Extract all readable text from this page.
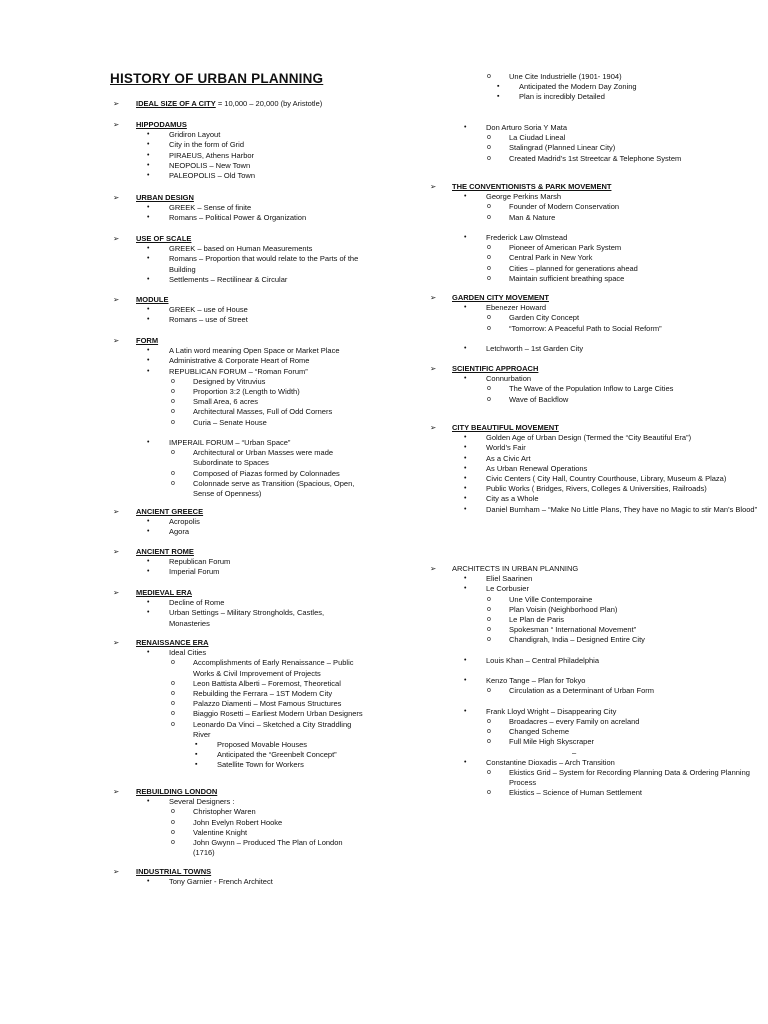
➢ IDEAL SIZE OF A CITY = 10,000 – 20,000 (by Aristotle)
➢ HIPPODAMUS
•	Gridiron Layout
•	City in the form of Grid
•	PIRAEUS, Athens Harbor
•	NEOPOLIS – New Town
•	PALEOPOLIS – Old Town
➢ URBAN DESIGN
•	GREEK – Sense of finite
•	Romans – Political Power & Organization
➢ USE OF SCALE
•	GREEK – based on Human Measurements
•	Romans – Proportion that would relate to the Parts of the Building
•	Settlements – Rectilinear & Circular
➢ MODULE
•	GREEK – use of House
•	Romans – use of Street
➢ FORM
•	A Latin word meaning Open Space or Market Place
•	Administrative & Corporate Heart of Rome
•	REPUBLICAN FORUM – “Roman Forum”
o Designed by Vitruvius
o Proportion 3:2 (Length to Width)
o Small Area, 6 acres
o Architectural Masses, Full of Odd Corners
o Curia – Senate House
•	IMPERAIL FORUM – “Urban Space”
o Architectural or Urban Masses were made Subordinate to Spaces
o Composed of Piazas formed by Colonnades
o Colonnade serve as Transition (Spacious, Open, Sense of Openness)
➢ ANCIENT GREECE
•	Acropolis
•	Agora
➢ ANCIENT ROME
•	Republican Forum
•	Imperial Forum
➢ MEDIEVAL ERA
•	Decline of Rome
•	Urban Settings – Military Strongholds, Castles, Monasteries
➢ RENAISSANCE ERA
•	Ideal Cities
o Accomplishments of Early Renaissance – Public Works & Civil Improvement of Projects
o Leon Battista Alberti – Foremost, Theoretical
o Rebuilding the Ferrara – 1ST Modern City
o Palazzo Diamenti – Most Famous Structures
o Biaggio Rosetti – Earliest Modern Urban Designers
o Leonardo Da Vinci – Sketched a City Straddling River
▪	Proposed Movable Houses
▪	Anticipated the “Greenbelt Concept”
▪	Satellite Town for Workers
➢ REBUILDING LONDON
•	Several Designers :
o Christopher Waren
o John Evelyn Robert Hooke
o Valentine Knight
o John Gwynn – Produced The Plan of London (1716)
➢ INDUSTRIAL TOWNS
•	Tony Garnier - French Architect
o Une Cite Industrielle (1901- 1904)
▪	Anticipated the Modern Day Zoning
▪	Plan is incredibly Detailed
•	Don Arturo Soria Y Mata
o La Ciudad Lineal
o Stalingrad (Planned Linear City)
o Created Madrid’s 1st Streetcar & Telephone System
➢ THE CONVENTIONISTS & PARK MOVEMENT
•	George Perkins Marsh
o Founder of Modern Conservation
o Man & Nature
•	Frederick Law Olmstead
o Pioneer of American Park System
o Central Park in New York
o Cities – planned for generations ahead
o Maintain sufficient breathing space
➢ GARDEN CITY MOVEMENT
•	Ebenezer Howard
o Garden City Concept
o “Tomorrow: A Peaceful Path to Social Reform”
•	Letchworth – 1st Garden City
➢ SCIENTIFIC APPROACH
•	Connurbation
o The Wave of the Population Inflow to Large Cities
o Wave of Backflow
➢ CITY BEAUTIFUL MOVEMENT
•	Golden Age of Urban Design (Termed the “City Beautiful Era”)
•	World’s Fair
•	As a Civic Art
•	As Urban Renewal Operations
•	Civic Centers ( City Hall, Country Courthouse, Library, Museum & Plaza)
•	Public Works ( Bridges, Rivers, Colleges & Universities, Railroads)
•	City as a Whole
•	Daniel Burnham – “Make No Little Plans, They have no Magic to stir Man’s Blood”
➢ ARCHITECTS IN URBAN PLANNING
•	Eliel Saarinen
•	Le Corbusier
o Une Ville Contemporaine
o Plan Voisin (Neighborhood Plan)
o Le Plan de Paris
o Spokesman “ International Movement”
o Chandigrah, India – Designed Entire City
•	Louis Khan – Central Philadelphia
•	Kenzo Tange – Plan for Tokyo
o Circulation as a Determinant of Urban Form
•	Frank Lloyd Wright – Disappearing City
o Broadacres – every Family on acreland
o Changed Scheme
o Full Mile High Skyscraper
–
•	Constantine Dioxadis – Arch Transition
o Ekistics Grid – System for Recording Planning Data & Ordering Planning Process
o Ekistics – Science of Human Settlement
HISTORY OF URBAN PLANNING
